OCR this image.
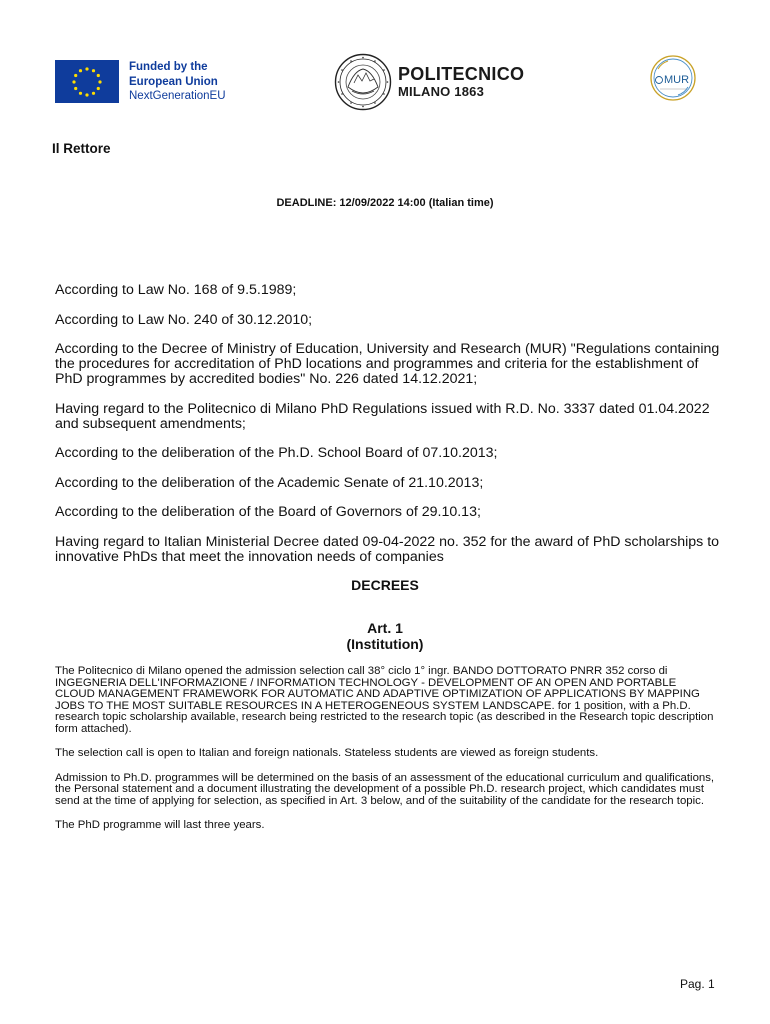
Funded by the
European Union
NextGenerationEU
POLITECNICO
MILANO 1863
MUR
Il Rettore
DEADLINE: 12/09/2022 14:00 (Italian time)

According to Law No. 168 of 9.5.1989;

According to Law No. 240 of 30.12.2010;

According to the Decree of Ministry of Education, University and Research (MUR) "Regulations containing the procedures for accreditation of PhD locations and programmes and criteria for the establishment of PhD programmes by accredited bodies" No. 226 dated 14.12.2021;

Having regard to the Politecnico di Milano PhD Regulations issued with R.D. No. 3337 dated 01.04.2022 and subsequent amendments;

According to the deliberation of the Ph.D. School Board of 07.10.2013;

According to the deliberation of the Academic Senate of 21.10.2013;

According to the deliberation of the Board of Governors of 29.10.13;

Having regard to Italian Ministerial Decree dated 09-04-2022 no. 352 for the award of PhD scholarships to innovative PhDs that meet the innovation needs of companies

DECREES
Art. 1
(Institution)

The Politecnico di Milano opened the admission selection call 38° ciclo 1° ingr. BANDO DOTTORATO PNRR 352 corso di INGEGNERIA DELL'INFORMAZIONE / INFORMATION TECHNOLOGY - DEVELOPMENT OF AN OPEN AND PORTABLE CLOUD MANAGEMENT FRAMEWORK FOR AUTOMATIC AND ADAPTIVE OPTIMIZATION OF APPLICATIONS BY MAPPING JOBS TO THE MOST SUITABLE RESOURCES IN A HETEROGENEOUS SYSTEM LANDSCAPE. for 1 position, with a Ph.D. research topic scholarship available, research being restricted to the research topic (as described in the Research topic description form attached).

The selection call is open to Italian and foreign nationals. Stateless students are viewed as foreign students.

Admission to Ph.D. programmes will be determined on the basis of an assessment of the educational curriculum and qualifications, the Personal statement and a document illustrating the development of a possible Ph.D. research project, which candidates must send at the time of applying for selection, as specified in Art. 3 below, and of the suitability of the candidate for the research topic.

The PhD programme will last three years.

Pag. 1
